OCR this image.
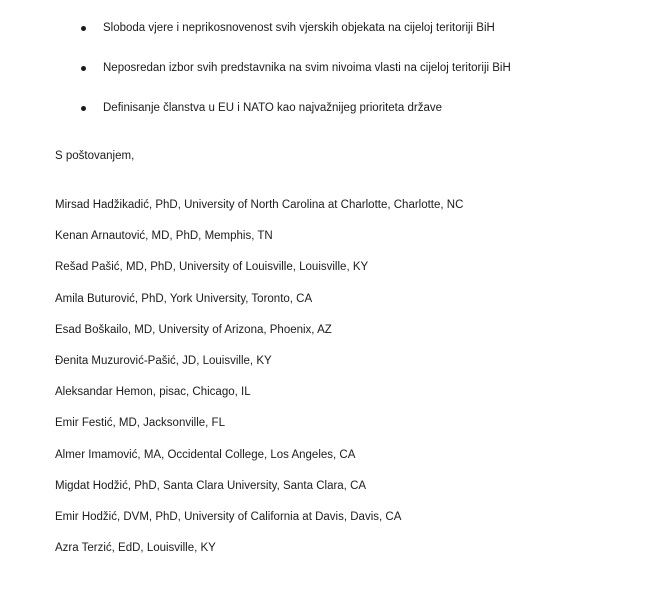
Sloboda vjere i neprikosnovenost svih vjerskih objekata na cijeloj teritoriji BiH
Neposredan izbor svih predstavnika na svim nivoima vlasti na cijeloj teritoriji BiH
Definisanje članstva u EU i NATO kao najvažnijeg prioriteta države
S poštovanjem,
Mirsad Hadžikadić, PhD, University of North Carolina at Charlotte, Charlotte, NC
Kenan Arnautović, MD, PhD, Memphis, TN
Rešad Pašić, MD, PhD, University of Louisville, Louisville, KY
Amila Buturović, PhD, York University, Toronto, CA
Esad Boškailo, MD, University of Arizona, Phoenix, AZ
Đenita Muzurović-Pašić, JD, Louisville, KY
Aleksandar Hemon, pisac, Chicago, IL
Emir Festić, MD, Jacksonville, FL
Almer Imamović, MA, Occidental College, Los Angeles, CA
Migdat Hodžić, PhD, Santa Clara University, Santa Clara, CA
Emir Hodžić, DVM, PhD, University of California at Davis, Davis, CA
Azra Terzić, EdD, Louisville, KY
